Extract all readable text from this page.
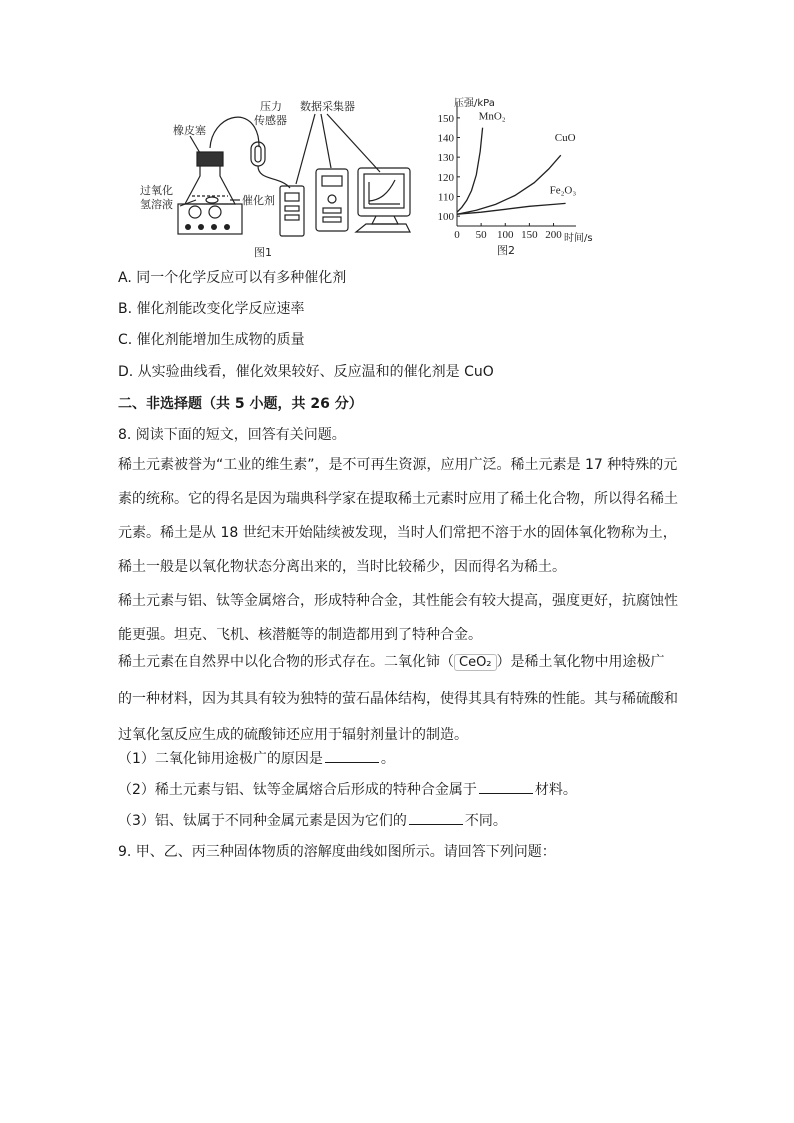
橡皮塞
压力
传感器
数据采集器
过氧化
氢溶液	催化剂
图1
0 50 100 150 200
100
110
120
130
140
150
压强/kPa
时间/s
MnO₂
CuO
Fe₂O₃
图2
A. 同一个化学反应可以有多种催化剂
B. 催化剂能改变化学反应速率
C. 催化剂能增加生成物的质量
D. 从实验曲线看，催化效果较好、反应温和的催化剂是 CuO
二、非选择题（共 5 小题，共 26 分）
8. 阅读下面的短文，回答有关问题。
稀土元素被誉为“工业的维生素”，是不可再生资源，应用广泛。稀土元素是 17 种特殊的元素的统称。它的得名是因为瑞典科学家在提取稀土元素时应用了稀土化合物，所以得名稀土元素。稀土是从 18 世纪末开始陆续被发现，当时人们常把不溶于水的固体氧化物称为土，稀土一般是以氧化物状态分离出来的，当时比较稀少，因而得名为稀土。
稀土元素与铝、钛等金属熔合，形成特种合金，其性能会有较大提高，强度更好，抗腐蚀性能更强。坦克、飞机、核潜艇等的制造都用到了特种合金。
稀土元素在自然界中以化合物的形式存在。二氧化铈（ CeO₂ ）是稀土氧化物中用途极广的一种材料，因为其具有较为独特的萤石晶体结构，使得其具有特殊的性能。其与稀硫酸和过氧化氢反应生成的硫酸铈还应用于辐射剂量计的制造。
（1）二氧化铈用途极广的原因是	。
（2）稀土元素与铝、钛等金属熔合后形成的特种合金属于	材料。
（3）铝、钛属于不同种金属元素是因为它们的	不同。
9. 甲、乙、丙三种固体物质的溶解度曲线如图所示。请回答下列问题：
